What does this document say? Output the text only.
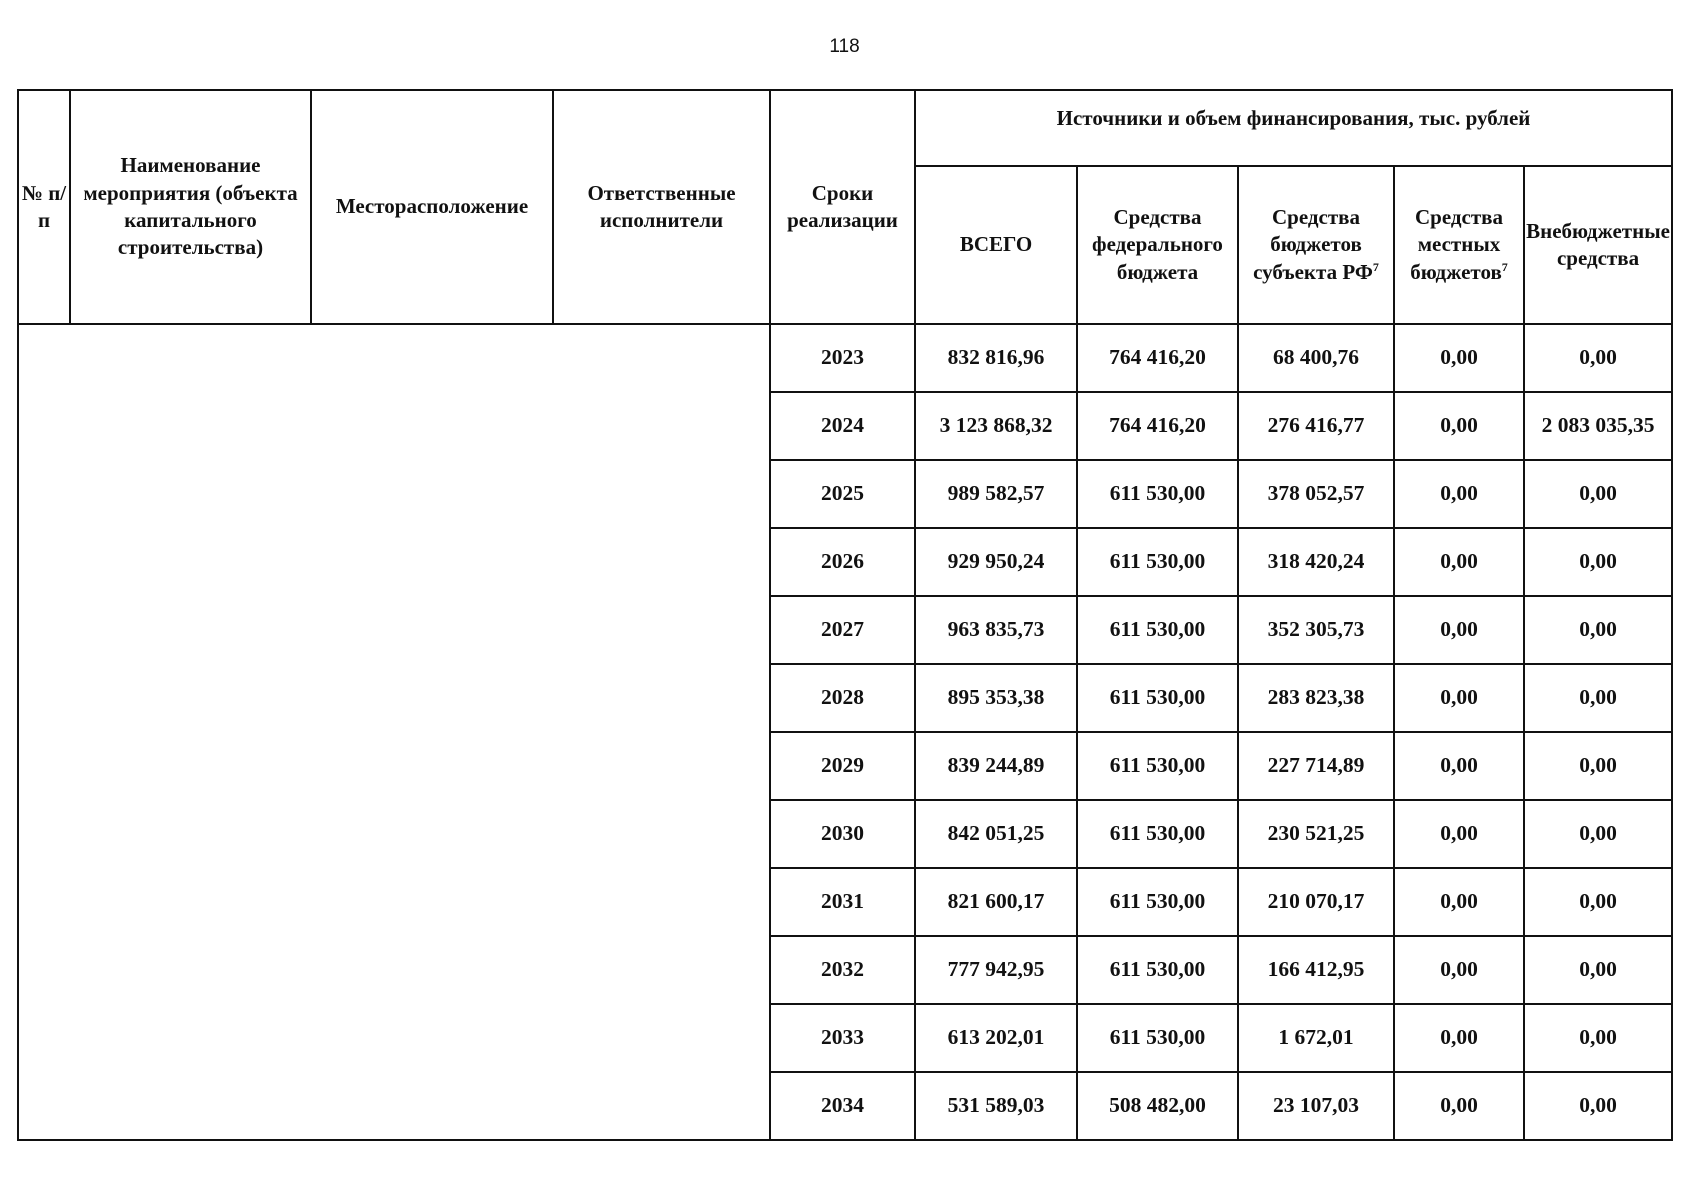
118
№ п/п	Наименование мероприятия (объекта капитального строительства)	Месторасположение	Ответственные исполнители	Сроки реализации	Источники и объем финансирования, тыс. рублей				
					ВСЕГО	Средства федерального бюджета	Средства бюджетов субъекта $РФ^7$	Средства местных бюджетов$^7$	Внебюджетные средства
				2023	832 816,96	764 416,20	68 400,76	0,00	0,00
				2024	3 123 868,32	764 416,20	276 416,77	0,00	2 083 035,35
				2025	989 582,57	611 530,00	378 052,57	0,00	0,00
				2026	929 950,24	611 530,00	318 420,24	0,00	0,00
				2027	963 835,73	611 530,00	352 305,73	0,00	0,00
				2028	895 353,38	611 530,00	283 823,38	0,00	0,00
				2029	839 244,89	611 530,00	227 714,89	0,00	0,00
				2030	842 051,25	611 530,00	230 521,25	0,00	0,00
				2031	821 600,17	611 530,00	210 070,17	0,00	0,00
				2032	777 942,95	611 530,00	166 412,95	0,00	0,00
				2033	613 202,01	611 530,00	1 672,01	0,00	0,00
				2034	531 589,03	508 482,00	23 107,03	0,00	0,00
